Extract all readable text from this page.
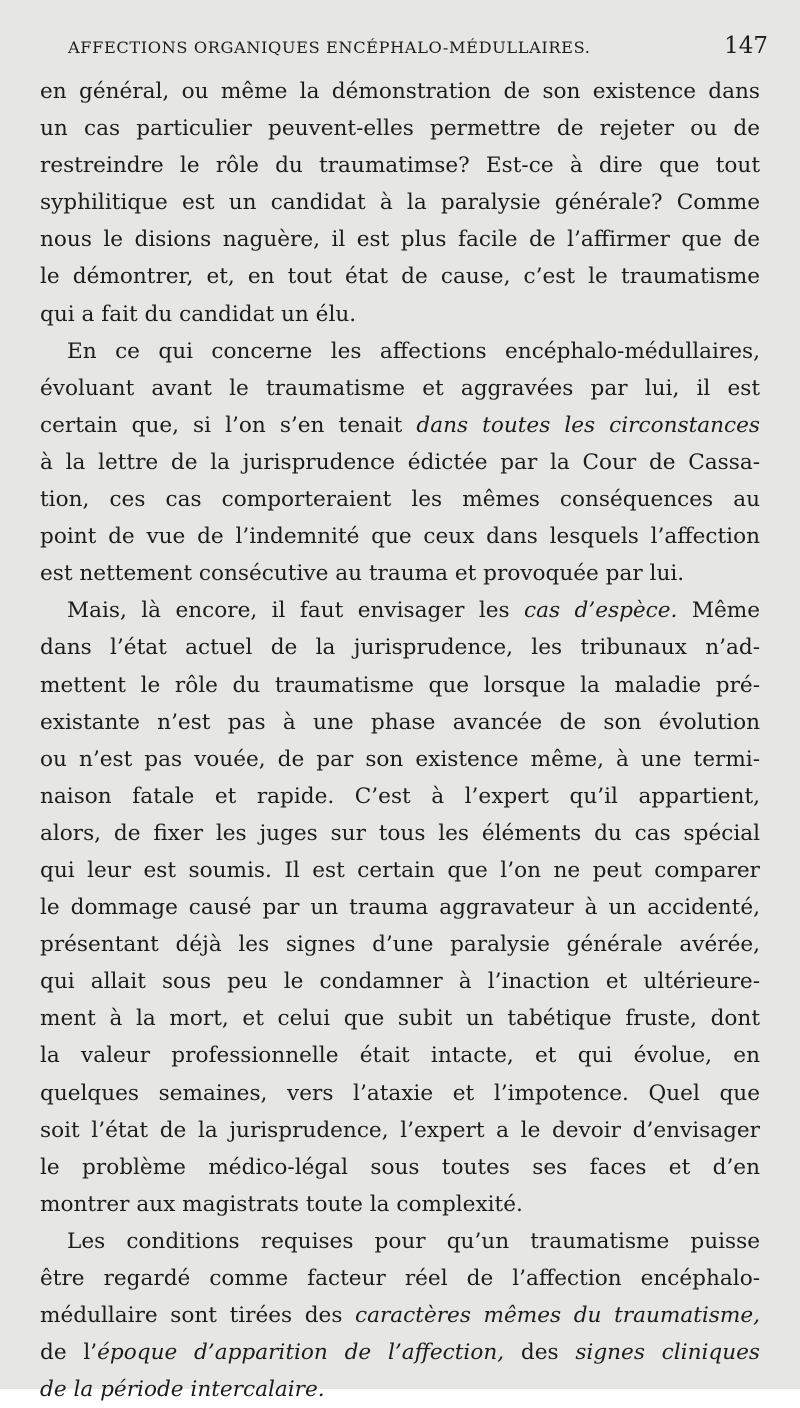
AFFECTIONS ORGANIQUES ENCÉPHALO-MÉDULLAIRES.	147
en général, ou même la démonstration de son existence dans
un cas particulier peuvent-elles permettre de rejeter ou de
restreindre le rôle du traumatimse? Est-ce à dire que tout
syphilitique est un candidat à la paralysie générale? Comme
nous le disions naguère, il est plus facile de l’affirmer que de
le démontrer, et, en tout état de cause, c’est le traumatisme
qui a fait du candidat un élu.
En ce qui concerne les affections encéphalo-médullaires,
évoluant avant le traumatisme et aggravées par lui, il est
certain que, si l’on s’en tenait dans toutes les circonstances
à la lettre de la jurisprudence édictée par la Cour de Cassa-
tion, ces cas comporteraient les mêmes conséquences au
point de vue de l’indemnité que ceux dans lesquels l’affection
est nettement consécutive au trauma et provoquée par lui.
Mais, là encore, il faut envisager les cas d’espèce. Même
dans l’état actuel de la jurisprudence, les tribunaux n’ad-
mettent le rôle du traumatisme que lorsque la maladie pré-
existante n’est pas à une phase avancée de son évolution
ou n’est pas vouée, de par son existence même, à une termi-
naison fatale et rapide. C’est à l’expert qu’il appartient,
alors, de fixer les juges sur tous les éléments du cas spécial
qui leur est soumis. Il est certain que l’on ne peut comparer
le dommage causé par un trauma aggravateur à un accidenté,
présentant déjà les signes d’une paralysie générale avérée,
qui allait sous peu le condamner à l’inaction et ultérieure-
ment à la mort, et celui que subit un tabétique fruste, dont
la valeur professionnelle était intacte, et qui évolue, en
quelques semaines, vers l’ataxie et l’impotence. Quel que
soit l’état de la jurisprudence, l’expert a le devoir d’envisager
le problème médico-légal sous toutes ses faces et d’en
montrer aux magistrats toute la complexité.
Les conditions requises pour qu’un traumatisme puisse
être regardé comme facteur réel de l’affection encéphalo-
médullaire sont tirées des caractères mêmes du traumatisme,
de l’époque d’apparition de l’affection, des signes cliniques
de la période intercalaire.
